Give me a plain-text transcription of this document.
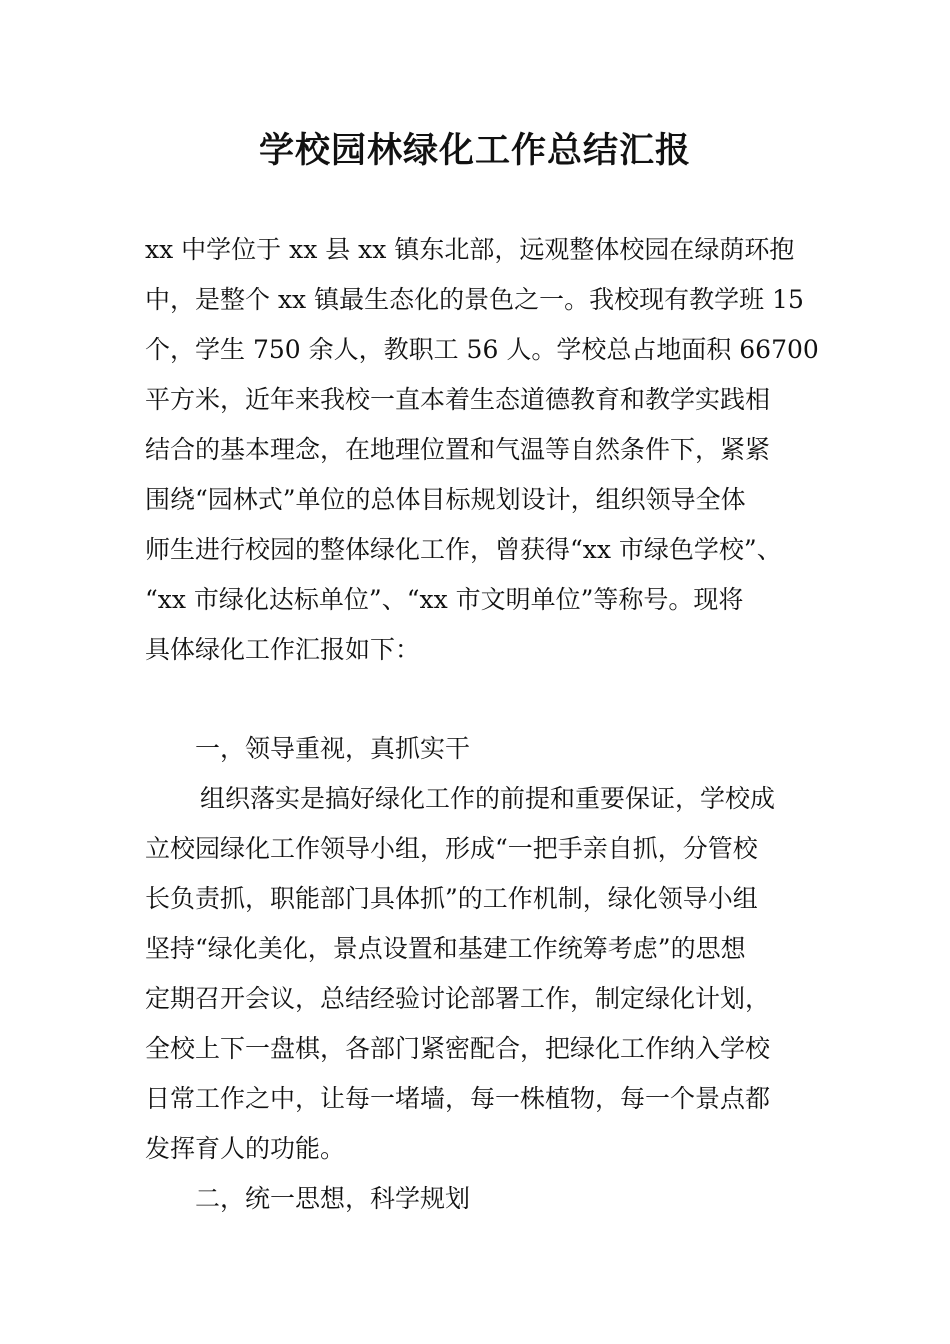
学校园林绿化工作总结汇报

xx 中学位于 xx 县 xx 镇东北部，远观整体校园在绿荫环抱

中，是整个 xx 镇最生态化的景色之一。我校现有教学班 15

个，学生 750 余人，教职工 56 人。学校总占地面积 66700

平方米，近年来我校一直本着生态道德教育和教学实践相

结合的基本理念，在地理位置和气温等自然条件下，紧紧

围绕“园林式”单位的总体目标规划设计，组织领导全体

师生进行校园的整体绿化工作，曾获得“xx 市绿色学校”、

“xx 市绿化达标单位”、“xx 市文明单位”等称号。现将

具体绿化工作汇报如下：

一，领导重视，真抓实干

组织落实是搞好绿化工作的前提和重要保证，学校成

立校园绿化工作领导小组，形成“一把手亲自抓，分管校

长负责抓，职能部门具体抓”的工作机制，绿化领导小组

坚持“绿化美化，景点设置和基建工作统筹考虑”的思想

定期召开会议，总结经验讨论部署工作，制定绿化计划，

全校上下一盘棋，各部门紧密配合，把绿化工作纳入学校

日常工作之中，让每一堵墙，每一株植物，每一个景点都

发挥育人的功能。

二，统一思想，科学规划
